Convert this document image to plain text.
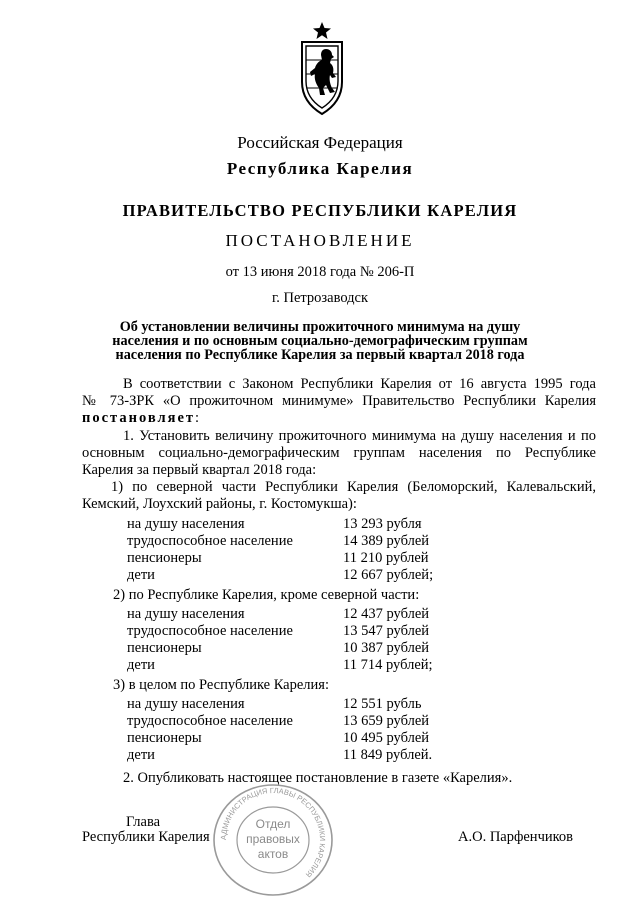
Российская Федерация
Республика Карелия
ПРАВИТЕЛЬСТВО РЕСПУБЛИКИ КАРЕЛИЯ
ПОСТАНОВЛЕНИЕ
от 13 июня 2018 года № 206-П
г. Петрозаводск
Об установлении величины прожиточного минимума на душу
населения и по основным социально-демографическим группам
населения по Республике Карелия за первый квартал 2018 года
В соответствии с Законом Республики Карелия от 16 августа 1995 года
№ 73-ЗРК «О прожиточном минимуме» Правительство Республики Карелия
постановляет:
1. Установить величину прожиточного минимума на душу населения и по
основным социально-демографическим группам населения по Республике
Карелия за первый квартал 2018 года:
1) по северной части Республики Карелия (Беломорский, Калевальский,
Кемский, Лоухский районы, г. Костомукша):
на душу населения	13 293 рубля
трудоспособное население	14 389 рублей
пенсионеры	11 210 рублей
дети	12 667 рублей;
2) по Республике Карелия, кроме северной части:
на душу населения	12 437 рублей
трудоспособное население	13 547 рублей
пенсионеры	10 387 рублей
дети	11 714 рублей;
3) в целом по Республике Карелия:
на душу населения	12 551 рубль
трудоспособное население	13 659 рублей
пенсионеры	10 495 рублей
дети	11 849 рублей.
2. Опубликовать настоящее постановление в газете «Карелия».
Глава
Республики Карелия	А.О. Парфенчиков
АДМИНИСТРАЦИЯ ГЛАВЫ РЕСПУБЛИКИ КАРЕЛИЯ
Отдел
правовых
актов
